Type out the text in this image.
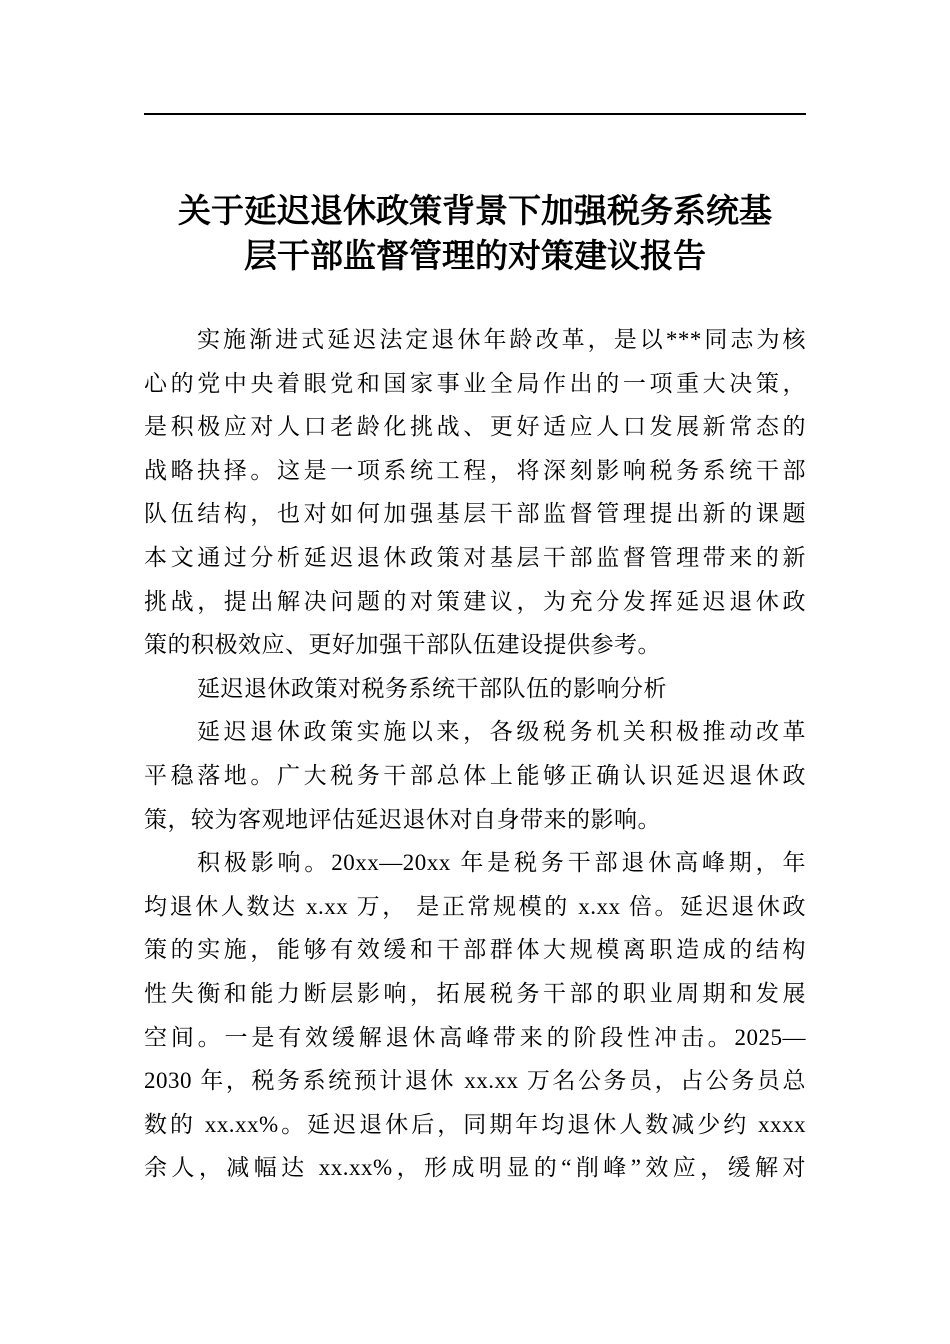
关于延迟退休政策背景下加强税务系统基
层干部监督管理的对策建议报告
实施渐进式延迟法定退休年龄改革，是以***同志为核
心的党中央着眼党和国家事业全局作出的一项重大决策，
是积极应对人口老龄化挑战、更好适应人口发展新常态的
战略抉择。这是一项系统工程，将深刻影响税务系统干部
队伍结构，也对如何加强基层干部监督管理提出新的课题
本文通过分析延迟退休政策对基层干部监督管理带来的新
挑战，提出解决问题的对策建议，为充分发挥延迟退休政
策的积极效应、更好加强干部队伍建设提供参考。
延迟退休政策对税务系统干部队伍的影响分析
延迟退休政策实施以来，各级税务机关积极推动改革
平稳落地。广大税务干部总体上能够正确认识延迟退休政
策，较为客观地评估延迟退休对自身带来的影响。
积极影响。20xx—20xx 年是税务干部退休高峰期，年
均退休人数达 x.xx 万， 是正常规模的 x.xx 倍。延迟退休政
策的实施，能够有效缓和干部群体大规模离职造成的结构
性失衡和能力断层影响，拓展税务干部的职业周期和发展
空间。一是有效缓解退休高峰带来的阶段性冲击。2025—
2030 年，税务系统预计退休 xx.xx 万名公务员，占公务员总
数的 xx.xx%。延迟退休后，同期年均退休人数减少约 xxxx
余人，减幅达 xx.xx%，形成明显的“削峰”效应，缓解对
